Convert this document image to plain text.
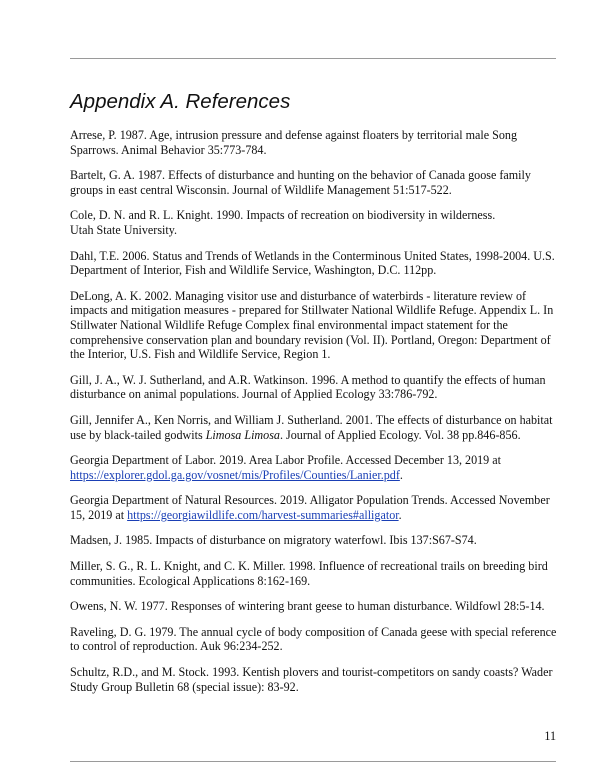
Appendix A. References

Arrese, P. 1987. Age, intrusion pressure and defense against floaters by territorial male Song Sparrows. Animal Behavior 35:773-784.

Bartelt, G. A. 1987. Effects of disturbance and hunting on the behavior of Canada goose family groups in east central Wisconsin. Journal of Wildlife Management 51:517-522.

Cole, D. N. and R. L. Knight. 1990. Impacts of recreation on biodiversity in wilderness.
Utah State University.

Dahl, T.E. 2006. Status and Trends of Wetlands in the Conterminous United States, 1998-2004. U.S. Department of Interior, Fish and Wildlife Service, Washington, D.C. 112pp.

DeLong, A. K. 2002. Managing visitor use and disturbance of waterbirds - literature review of impacts and mitigation measures - prepared for Stillwater National Wildlife Refuge. Appendix L. In Stillwater National Wildlife Refuge Complex final environmental impact statement for the comprehensive conservation plan and boundary revision (Vol. II). Portland, Oregon: Department of the Interior, U.S. Fish and Wildlife Service, Region 1.

Gill, J. A., W. J. Sutherland, and A.R. Watkinson. 1996. A method to quantify the effects of human disturbance on animal populations. Journal of Applied Ecology 33:786-792.

Gill, Jennifer A., Ken Norris, and William J. Sutherland. 2001. The effects of disturbance on habitat use by black-tailed godwits Limosa Limosa. Journal of Applied Ecology. Vol. 38 pp.846-856.

Georgia Department of Labor. 2019. Area Labor Profile. Accessed December 13, 2019 at https://explorer.gdol.ga.gov/vosnet/mis/Profiles/Counties/Lanier.pdf.

Georgia Department of Natural Resources. 2019. Alligator Population Trends. Accessed November 15, 2019 at https://georgiawildlife.com/harvest-summaries#alligator.

Madsen, J. 1985. Impacts of disturbance on migratory waterfowl. Ibis 137:S67-S74.

Miller, S. G., R. L. Knight, and C. K. Miller. 1998. Influence of recreational trails on breeding bird communities. Ecological Applications 8:162-169.

Owens, N. W. 1977. Responses of wintering brant geese to human disturbance. Wildfowl 28:5-14.

Raveling, D. G. 1979. The annual cycle of body composition of Canada geese with special reference to control of reproduction. Auk 96:234-252.

Schultz, R.D., and M. Stock. 1993. Kentish plovers and tourist-competitors on sandy coasts? Wader Study Group Bulletin 68 (special issue): 83-92.

11
